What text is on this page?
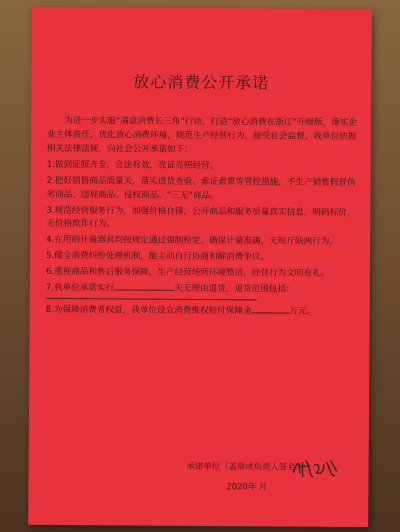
放心消费公开承诺

为进一步实施“满意消费长三角”行动，打造“放心消费在浙江”升级版，落实企业主体责任，优化放心消费环境，规范生产经营行为，接受社会监督，我单位依据相关法律法规，向社会公开承诺如下：

1.做到证照齐全，合法有效，亮证亮照经营。

2.把好销售商品质量关，落实进货查验、索证索票等管控措施，不生产销售假冒伪劣商品、违规商品、侵权商品、“三无”商品。

3.规范经营服务行为，加强价格自律，公开商品和服务质量真实信息，明码标价，无价格欺诈行为。

4.在用的计量器具均按规定通过强制检定，确保计量准确，无短斤缺两行为。

5.健全消费纠纷处理机制，能主动自行协商和解消费争议。

6.重视商品和售后服务保障，生产经营场所环境整洁，经营行为文明有礼。

7.我单位承诺实行	天无理由退货，退货范围包括：

8.为保障消费者权益，我单位设立消费维权赔付保障金	万元。

承诺单位（盖章或负责人签名）
2020年 月
